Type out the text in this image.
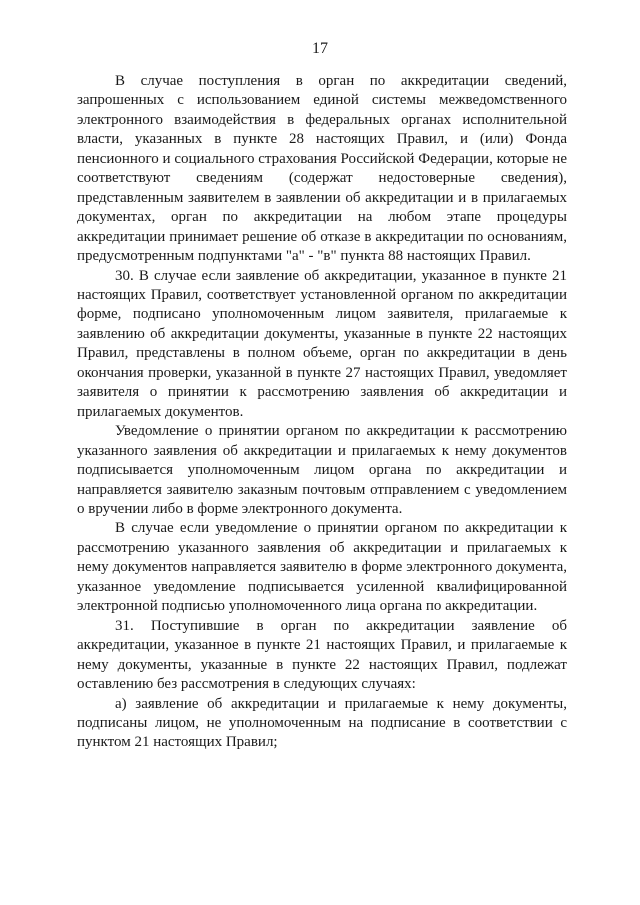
17

В случае поступления в орган по аккредитации сведений, запрошенных с использованием единой системы межведомственного электронного взаимодействия в федеральных органах исполнительной власти, указанных в пункте 28 настоящих Правил, и (или) Фонда пенсионного и социального страхования Российской Федерации, которые не соответствуют сведениям (содержат недостоверные сведения), представленным заявителем в заявлении об аккредитации и в прилагаемых документах, орган по аккредитации на любом этапе процедуры аккредитации принимает решение об отказе в аккредитации по основаниям, предусмотренным подпунктами "а" - "в" пункта 88 настоящих Правил.

30. В случае если заявление об аккредитации, указанное в пункте 21 настоящих Правил, соответствует установленной органом по аккредитации форме, подписано уполномоченным лицом заявителя, прилагаемые к заявлению об аккредитации документы, указанные в пункте 22 настоящих Правил, представлены в полном объеме, орган по аккредитации в день окончания проверки, указанной в пункте 27 настоящих Правил, уведомляет заявителя о принятии к рассмотрению заявления об аккредитации и прилагаемых документов.

Уведомление о принятии органом по аккредитации к рассмотрению указанного заявления об аккредитации и прилагаемых к нему документов подписывается уполномоченным лицом органа по аккредитации и направляется заявителю заказным почтовым отправлением с уведомлением о вручении либо в форме электронного документа.

В случае если уведомление о принятии органом по аккредитации к рассмотрению указанного заявления об аккредитации и прилагаемых к нему документов направляется заявителю в форме электронного документа, указанное уведомление подписывается усиленной квалифицированной электронной подписью уполномоченного лица органа по аккредитации.

31. Поступившие в орган по аккредитации заявление об аккредитации, указанное в пункте 21 настоящих Правил, и прилагаемые к нему документы, указанные в пункте 22 настоящих Правил, подлежат оставлению без рассмотрения в следующих случаях:

а) заявление об аккредитации и прилагаемые к нему документы, подписаны лицом, не уполномоченным на подписание в соответствии с пунктом 21 настоящих Правил;
